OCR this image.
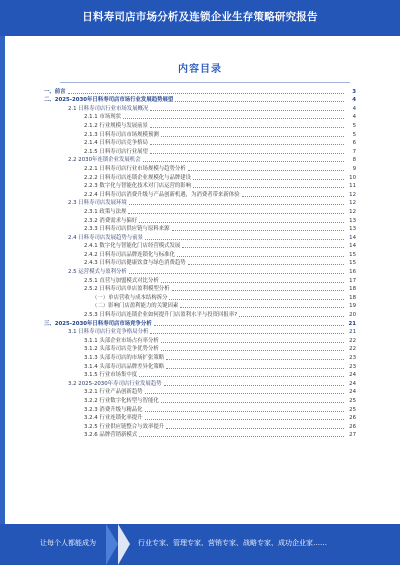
日料寿司店市场分析及连锁企业生存策略研究报告
内容目录
一、前言	3
二、2025-2030年日料寿司店市场行业发展趋势展望	4
2.1 日料寿司店行业市场发展概况	4
2.1.1 市场现状	4
2.1.2 行业规模与发展前景	5
2.1.3 日料寿司店市场规模预测	5
2.1.4 日料寿司店竞争格局	6
2.1.5 日料寿司店行业展望	7
2.2 2030年连锁企业发展机会	8
2.2.1 日料寿司店行业市场规模与趋势分析	9
2.2.2 日料寿司店连锁企业规模化与品牌建设	10
2.2.3 数字化与智能化技术对门店运营的影响	11
2.2.4 日料寿司店消费升级与产品创新机遇，为消费者带来新体验	12
2.3 日料寿司店发展环境	12
2.3.1 政策与法规	12
2.3.2 消费需求与偏好	13
2.3.3 日料寿司店供应链与原料来源	13
2.4 日料寿司店发展趋势与前景	14
2.4.1 数字化与智能化门店经营模式发展	14
2.4.2 日料寿司店品牌连锁化与标准化	15
2.4.3 日料寿司店健康饮食与绿色消费趋势	15
2.5 运营模式与盈利分析	16
2.5.1 直营与加盟模式对比分析	17
2.5.2 日料寿司店单店盈利模型分析	18
（一）单店营收与成本结构拆分	18
（二）影响门店盈利能力的关键因素	19
2.5.3 日料寿司店连锁企业如何提升门店盈利水平与投资回报率?	20
三、2025-2030年日料寿司店市场竞争分析	21
3.1 日料寿司店行业竞争格局分析	21
3.1.1 头部企业市场占有率分析	22
3.1.2 头部寿司店竞争优势分析	22
3.1.3 头部寿司店的市场扩张策略	23
3.1.4 头部寿司店品牌差异化策略	23
3.1.5 行业市场集中度	24
3.2 2025-2030年寿司店行业发展趋势	24
3.2.1 行业产品创新趋势	24
3.2.2 行业数字化转型与智能化	25
3.2.3 消费升级与精品化	25
3.2.4 行业连锁化率提升	26
3.2.5 行业供应链整合与效率提升	26
3.2.6 品牌营销新模式	27
让每个人都能成为	行业专家、管理专家、营销专家、战略专家、成功企业家……
